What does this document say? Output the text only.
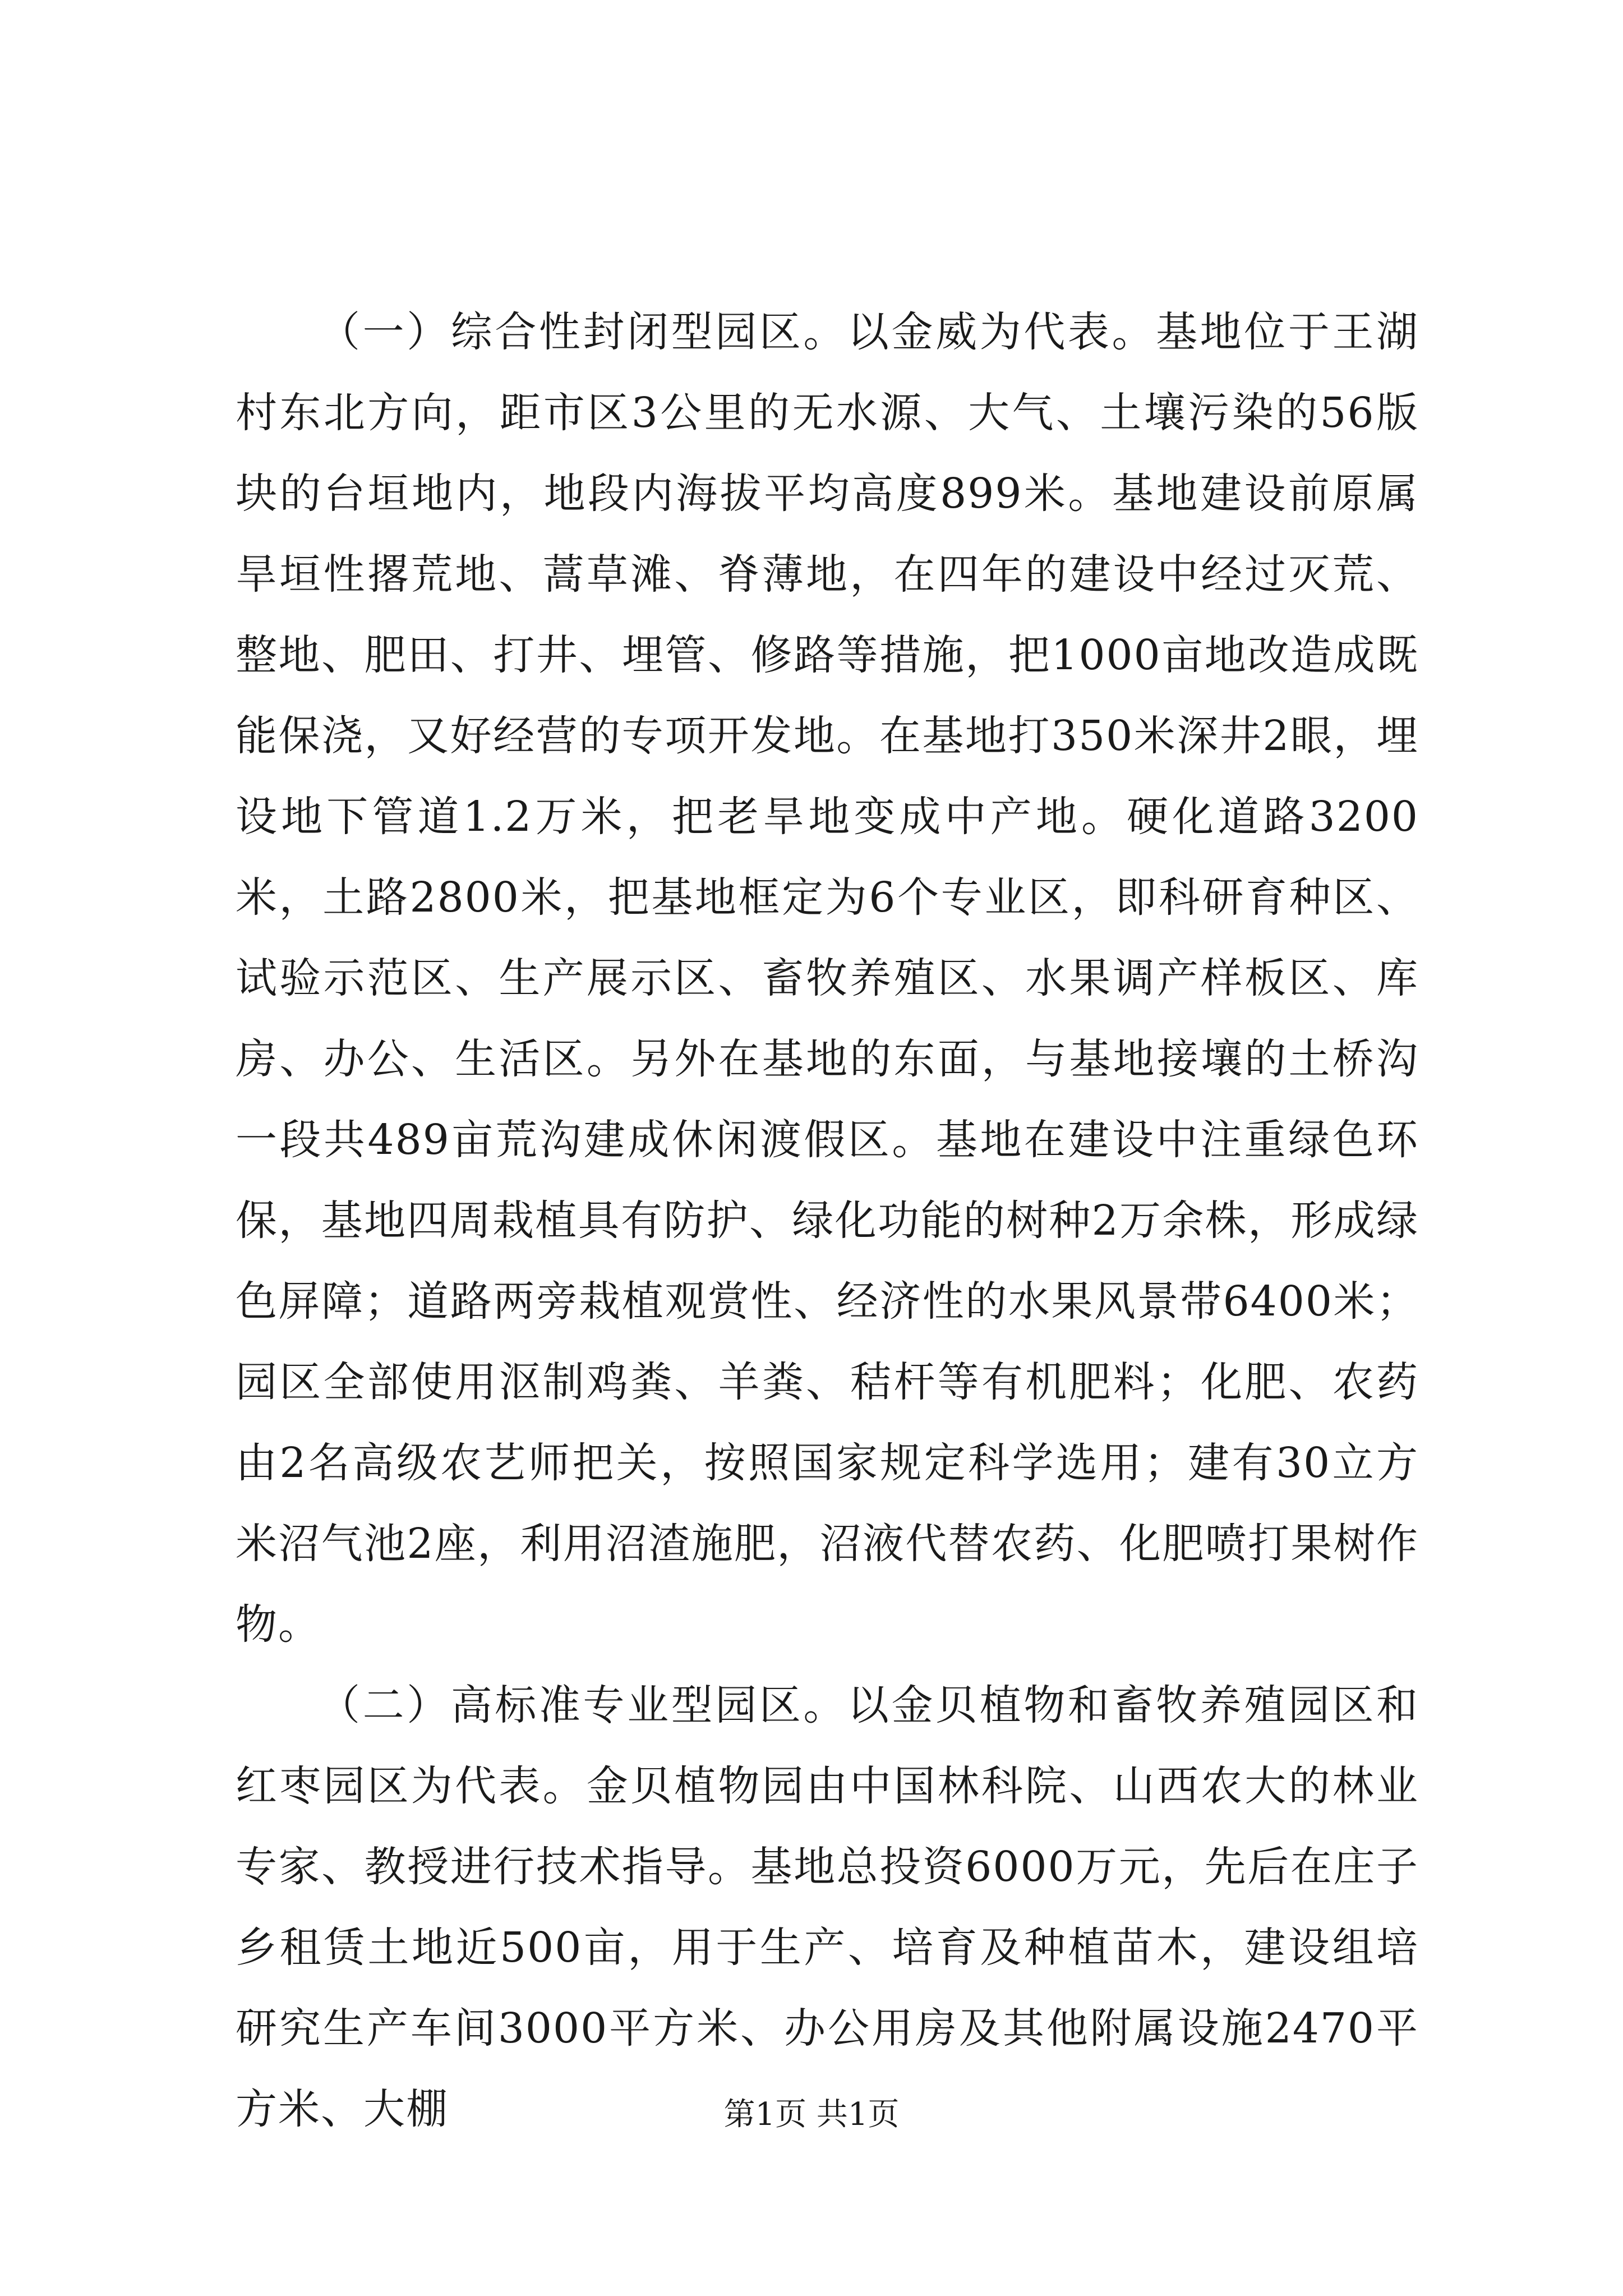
（一）综合性封闭型园区。以金威为代表。基地位于王湖村东北方向，距市区3公里的无水源、大气、土壤污染的56版块的台垣地内，地段内海拔平均高度899米。基地建设前原属旱垣性撂荒地、蒿草滩、脊薄地，在四年的建设中经过灭荒、整地、肥田、打井、埋管、修路等措施，把1000亩地改造成既能保浇，又好经营的专项开发地。在基地打350米深井2眼，埋设地下管道1.2万米，把老旱地变成中产地。硬化道路3200米，土路2800米，把基地框定为6个专业区，即科研育种区、试验示范区、生产展示区、畜牧养殖区、水果调产样板区、库房、办公、生活区。另外在基地的东面，与基地接壤的土桥沟一段共489亩荒沟建成休闲渡假区。基地在建设中注重绿色环保，基地四周栽植具有防护、绿化功能的树种2万余株，形成绿色屏障；道路两旁栽植观赏性、经济性的水果风景带6400米；园区全部使用沤制鸡粪、羊粪、秸杆等有机肥料；化肥、农药由2名高级农艺师把关，按照国家规定科学选用；建有30立方米沼气池2座，利用沼渣施肥，沼液代替农药、化肥喷打果树作物。

（二）高标准专业型园区。以金贝植物和畜牧养殖园区和红枣园区为代表。金贝植物园由中国林科院、山西农大的林业专家、教授进行技术指导。基地总投资6000万元，先后在庄子乡租赁土地近500亩，用于生产、培育及种植苗木，建设组培研究生产车间3000平方米、办公用房及其他附属设施2470平方米、大棚	第1页 共1页
